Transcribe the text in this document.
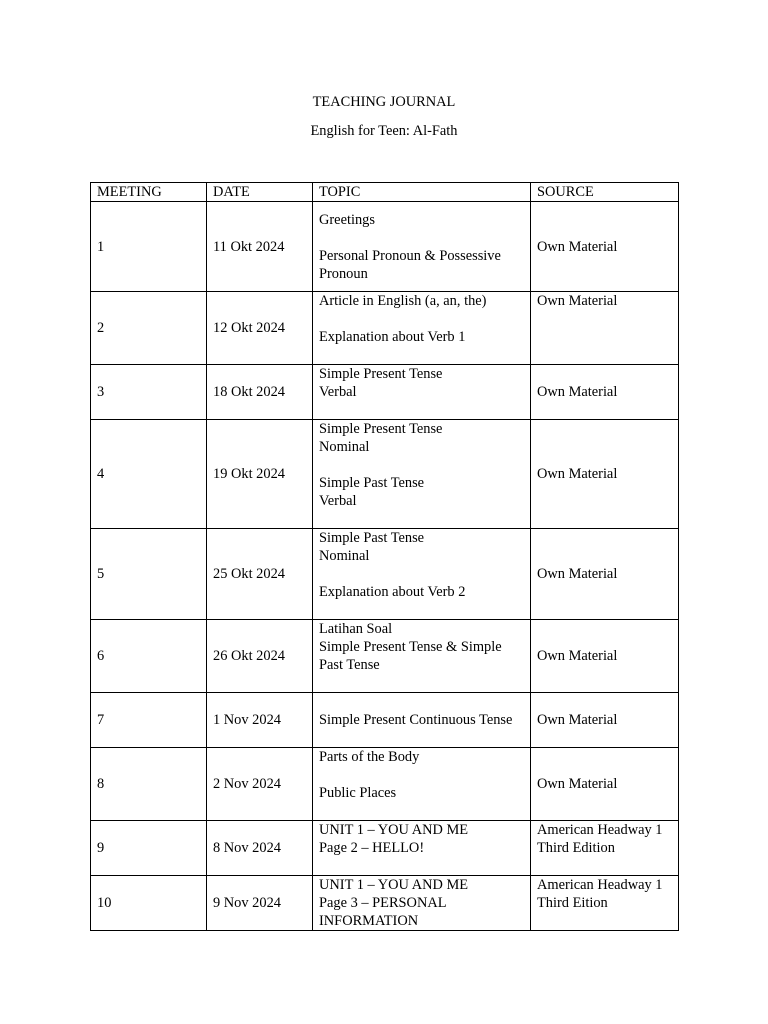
TEACHING JOURNAL
English for Teen: Al-Fath
MEETING	DATE	TOPIC	SOURCE
1	11 Okt 2024	Greetings
Personal Pronoun & Possessive
Pronoun	Own Material

2	12 Okt 2024	Article in English (a, an, the)
Explanation about Verb 1	Own Material

3	18 Okt 2024	Simple Present Tense
Verbal	Own Material

4	19 Okt 2024	Simple Present Tense
Nominal
Simple Past Tense
Verbal	Own Material

5	25 Okt 2024	Simple Past Tense
Nominal
Explanation about Verb 2	Own Material

6	26 Okt 2024	Latihan Soal
Simple Present Tense & Simple
Past Tense	Own Material

7	1 Nov 2024	Simple Present Continuous Tense	Own Material

8	2 Nov 2024	Parts of the Body
Public Places	Own Material

9	8 Nov 2024	UNIT 1 – YOU AND ME
Page 2 – HELLO!	American Headway 1
Third Edition

10	9 Nov 2024	UNIT 1 – YOU AND ME
Page 3 – PERSONAL
INFORMATION	American Headway 1
Third Eition
